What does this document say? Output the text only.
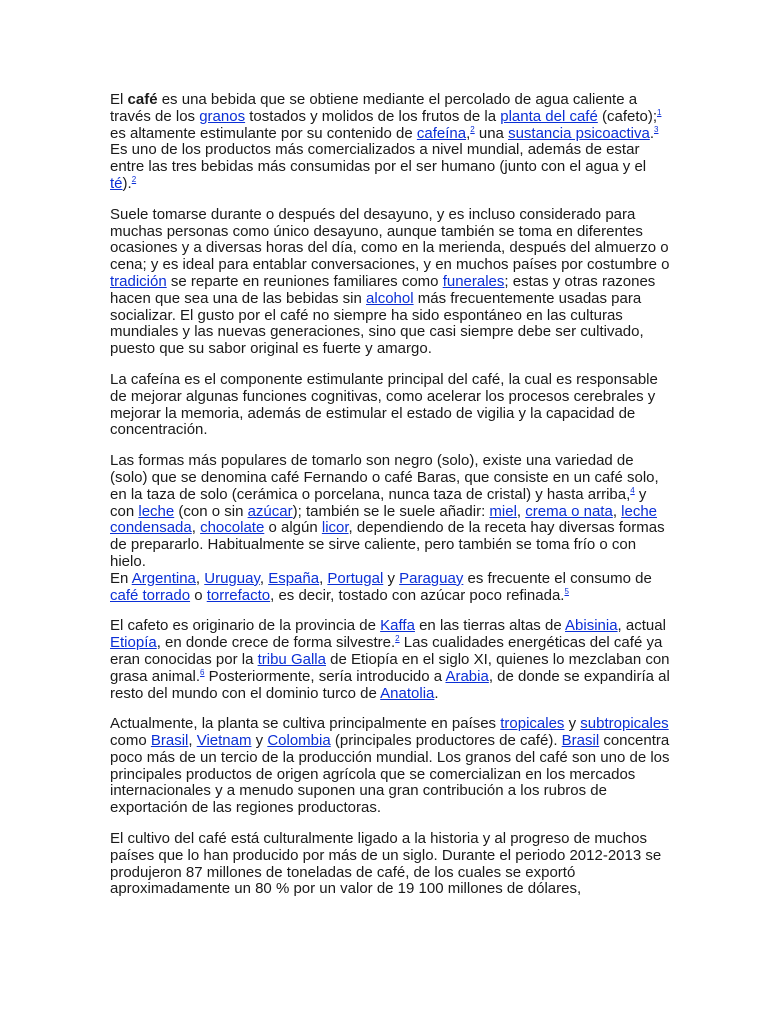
El café es una bebida que se obtiene mediante el percolado de agua caliente a través de los granos tostados y molidos de los frutos de la planta del café (cafeto);$^1$ es altamente estimulante por su contenido de cafeína,$^2$ una sustancia psicoactiva.$^3$ Es uno de los productos más comercializados a nivel mundial, además de estar entre las tres bebidas más consumidas por el ser humano (junto con el agua y el té).$^2$

Suele tomarse durante o después del desayuno, y es incluso considerado para muchas personas como único desayuno, aunque también se toma en diferentes ocasiones y a diversas horas del día, como en la merienda, después del almuerzo o cena; y es ideal para entablar conversaciones, y en muchos países por costumbre o tradición se reparte en reuniones familiares como funerales; estas y otras razones hacen que sea una de las bebidas sin alcohol más frecuentemente usadas para socializar. El gusto por el café no siempre ha sido espontáneo en las culturas mundiales y las nuevas generaciones, sino que casi siempre debe ser cultivado, puesto que su sabor original es fuerte y amargo.

La cafeína es el componente estimulante principal del café, la cual es responsable de mejorar algunas funciones cognitivas, como acelerar los procesos cerebrales y mejorar la memoria, además de estimular el estado de vigilia y la capacidad de concentración.

Las formas más populares de tomarlo son negro (solo), existe una variedad de (solo) que se denomina café Fernando o café Baras, que consiste en un café solo, en la taza de solo (cerámica o porcelana, nunca taza de cristal) y hasta arriba,$^4$ y con leche (con o sin azúcar); también se le suele añadir: miel, crema o nata, leche condensada, chocolate o algún licor, dependiendo de la receta hay diversas formas de prepararlo. Habitualmente se sirve caliente, pero también se toma frío o con hielo.
En Argentina, Uruguay, España, Portugal y Paraguay es frecuente el consumo de café torrado o torrefacto, es decir, tostado con azúcar poco refinada.$^5$

El cafeto es originario de la provincia de Kaffa en las tierras altas de Abisinia, actual Etiopía, en donde crece de forma silvestre.$^2$ Las cualidades energéticas del café ya eran conocidas por la tribu Galla de Etiopía en el siglo XI, quienes lo mezclaban con grasa animal.$^6$ Posteriormente, sería introducido a Arabia, de donde se expandiría al resto del mundo con el dominio turco de Anatolia.

Actualmente, la planta se cultiva principalmente en países tropicales y subtropicales como Brasil, Vietnam y Colombia (principales productores de café). Brasil concentra poco más de un tercio de la producción mundial. Los granos del café son uno de los principales productos de origen agrícola que se comercializan en los mercados internacionales y a menudo suponen una gran contribución a los rubros de exportación de las regiones productoras.

El cultivo del café está culturalmente ligado a la historia y al progreso de muchos países que lo han producido por más de un siglo. Durante el periodo 2012-2013 se produjeron 87 millones de toneladas de café, de los cuales se exportó aproximadamente un 80 % por un valor de 19 100 millones de dólares,
